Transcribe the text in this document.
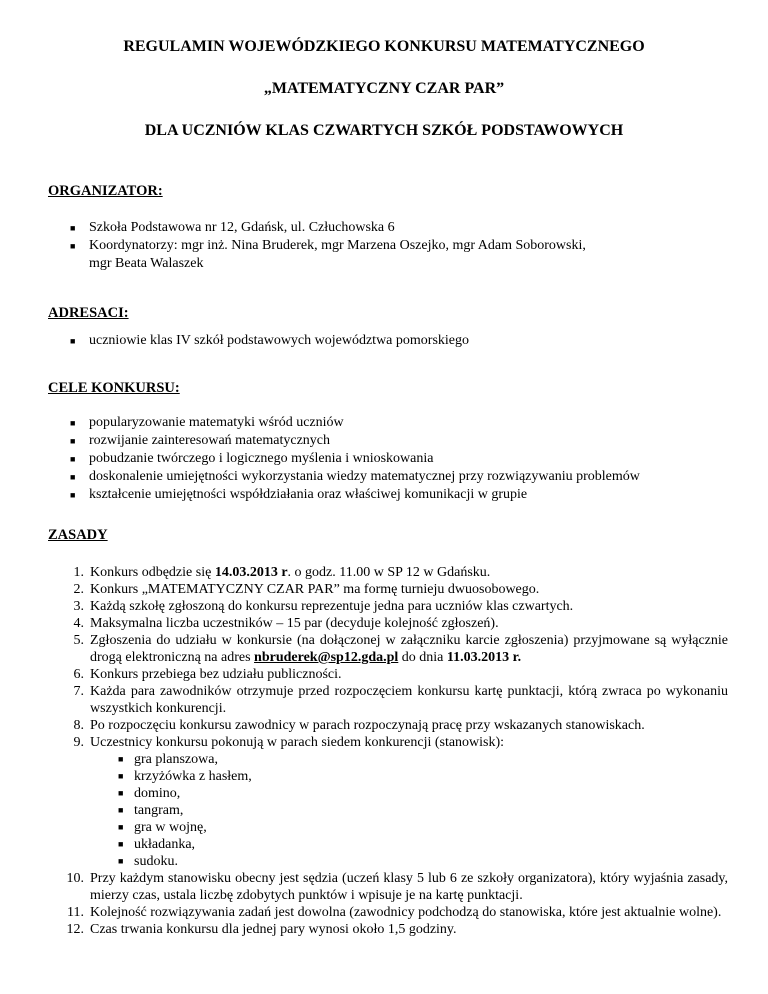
REGULAMIN WOJEWÓDZKIEGO KONKURSU MATEMATYCZNEGO
„MATEMATYCZNY CZAR PAR”
DLA UCZNIÓW KLAS CZWARTYCH SZKÓŁ PODSTAWOWYCH
ORGANIZATOR:
■ Szkoła Podstawowa nr 12, Gdańsk, ul. Człuchowska 6
■ Koordynatorzy: mgr inż. Nina Bruderek, mgr Marzena Oszejko, mgr Adam Soborowski,
mgr Beata Walaszek
ADRESACI:
■ uczniowie klas IV szkół podstawowych województwa pomorskiego
CELE KONKURSU:
■ popularyzowanie matematyki wśród uczniów
■ rozwijanie zainteresowań matematycznych
■ pobudzanie twórczego i logicznego myślenia i wnioskowania
■ doskonalenie umiejętności wykorzystania wiedzy matematycznej przy rozwiązywaniu problemów
■ kształcenie umiejętności współdziałania oraz właściwej komunikacji w grupie
ZASADY
1. Konkurs odbędzie się 14.03.2013 r. o godz. 11.00 w SP 12 w Gdańsku.
2. Konkurs „MATEMATYCZNY CZAR PAR” ma formę turnieju dwuosobowego.
3. Każdą szkołę zgłoszoną do konkursu reprezentuje jedna para uczniów klas czwartych.
4. Maksymalna liczba uczestników – 15 par (decyduje kolejność zgłoszeń).
5. Zgłoszenia do udziału w konkursie (na dołączonej w załączniku karcie zgłoszenia) przyjmowane są wyłącznie drogą elektroniczną na adres nbruderek@sp12.gda.pl do dnia 11.03.2013 r.
6. Konkurs przebiega bez udziału publiczności.
7. Każda para zawodników otrzymuje przed rozpoczęciem konkursu kartę punktacji, którą zwraca po wykonaniu wszystkich konkurencji.
8. Po rozpoczęciu konkursu zawodnicy w parach rozpoczynają pracę przy wskazanych stanowiskach.
9. Uczestnicy konkursu pokonują w parach siedem konkurencji (stanowisk):
■ gra planszowa,
■ krzyżówka z hasłem,
■ domino,
■ tangram,
■ gra w wojnę,
■ układanka,
■ sudoku.
10. Przy każdym stanowisku obecny jest sędzia (uczeń klasy 5 lub 6 ze szkoły organizatora), który wyjaśnia zasady, mierzy czas, ustala liczbę zdobytych punktów i wpisuje je na kartę punktacji.
11. Kolejność rozwiązywania zadań jest dowolna (zawodnicy podchodzą do stanowiska, które jest aktualnie wolne).
12. Czas trwania konkursu dla jednej pary wynosi około 1,5 godziny.
